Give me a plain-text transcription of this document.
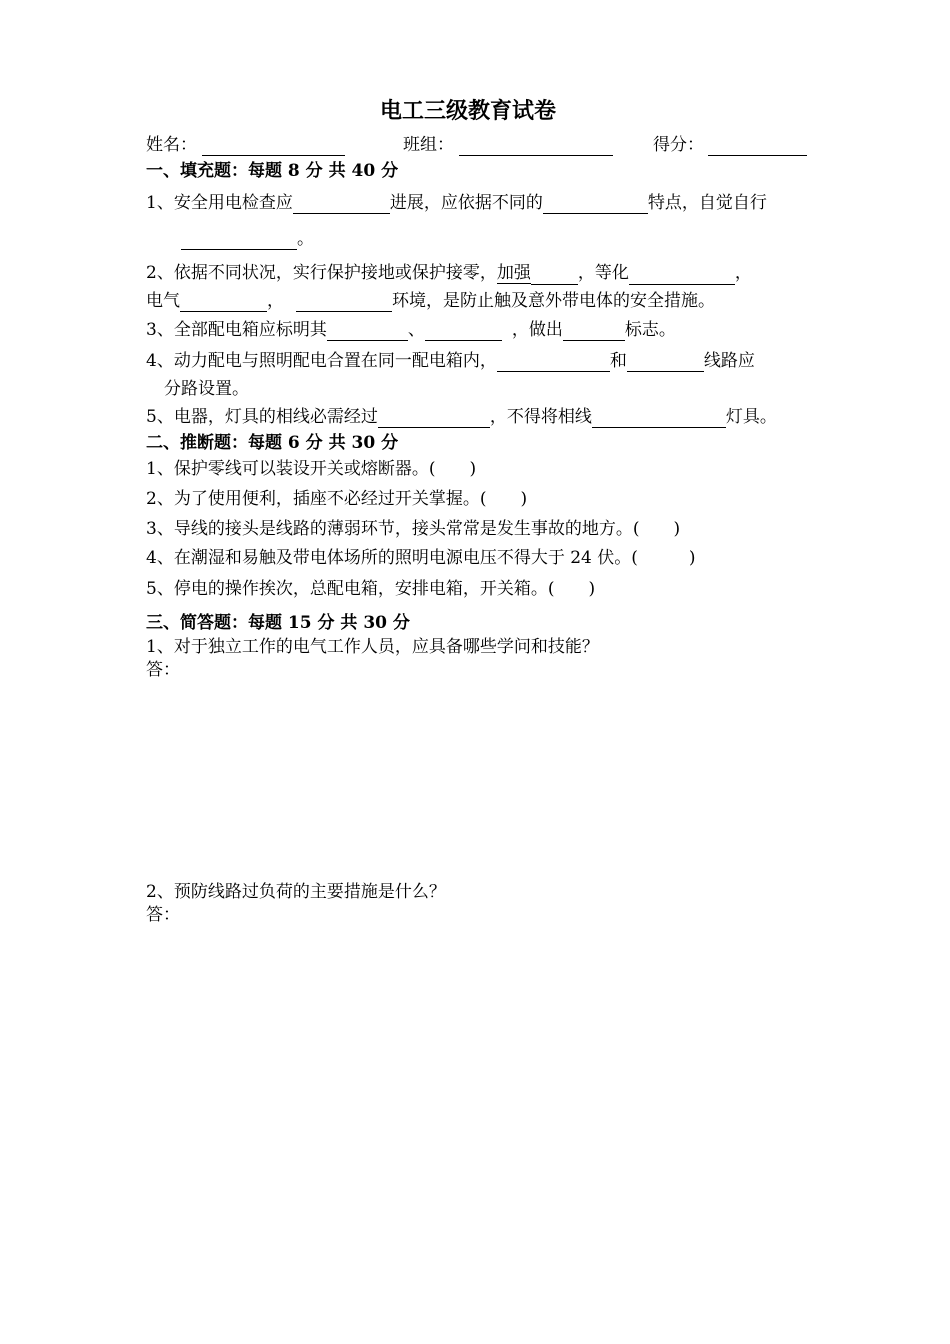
电工三级教育试卷
姓名：	班组：	得分：
一、填充题：每题 8 分 共 40 分
1、安全用电检查应	进展，应依据不同的	特点，自觉自行
。
2、依据不同状况，实行保护接地或保护接零，加强	，等化	，
电气	，	环境，是防止触及意外带电体的安全措施。
3、全部配电箱应标明其	、	，做出	标志。
4、动力配电与照明配电合置在同一配电箱内，	和	线路应
分路设置。
5、电器，灯具的相线必需经过	，不得将相线	灯具。
二、推断题：每题 6 分 共 30 分
1、保护零线可以装设开关或熔断器。(　　)
2、为了使用便利，插座不必经过开关掌握。(　　)
3、导线的接头是线路的薄弱环节，接头常常是发生事故的地方。(　　)
4、在潮湿和易触及带电体场所的照明电源电压不得大于 24 伏。(　　　)
5、停电的操作挨次，总配电箱，安排电箱，开关箱。(　　)
三、简答题：每题 15 分 共 30 分
1、对于独立工作的电气工作人员，应具备哪些学问和技能？
答：
2、预防线路过负荷的主要措施是什么？
答：
